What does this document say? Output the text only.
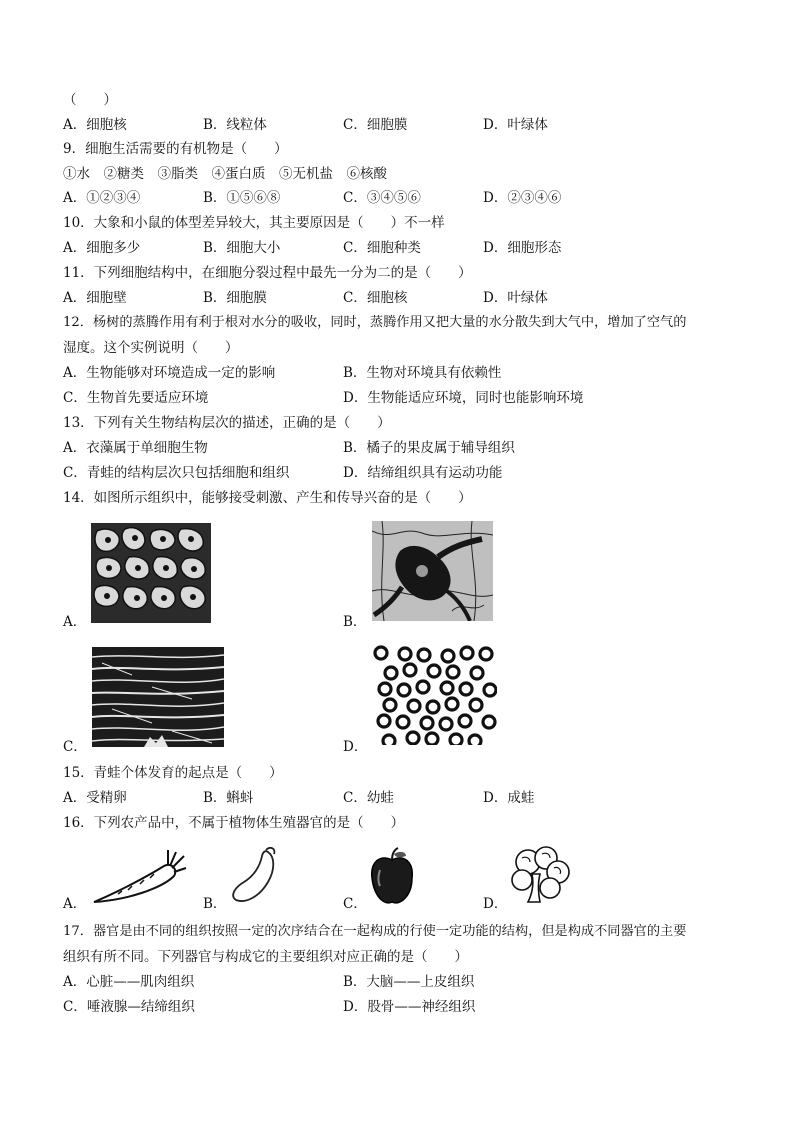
（　　）
A．细胞核	B．线粒体	C．细胞膜	D．叶绿体
9．细胞生活需要的有机物是（　　）
①水　②糖类　③脂类　④蛋白质　⑤无机盐　⑥核酸
A．①②③④	B．①⑤⑥⑧	C．③④⑤⑥	D．②③④⑥
10．大象和小鼠的体型差异较大，其主要原因是（　　）不一样
A．细胞多少	B．细胞大小	C．细胞种类	D．细胞形态
11．下列细胞结构中，在细胞分裂过程中最先一分为二的是（　　）
A．细胞壁	B．细胞膜	C．细胞核	D．叶绿体
12．杨树的蒸腾作用有利于根对水分的吸收，同时，蒸腾作用又把大量的水分散失到大气中，增加了空气的
湿度。这个实例说明（　　）
A．生物能够对环境造成一定的影响	B．生物对环境具有依赖性
C．生物首先要适应环境	D．生物能适应环境，同时也能影响环境
13．下列有关生物结构层次的描述，正确的是（　　）
A．衣藻属于单细胞生物	B．橘子的果皮属于辅导组织
C．青蛙的结构层次只包括细胞和组织	D．结缔组织具有运动功能
14．如图所示组织中，能够接受刺激、产生和传导兴奋的是（　　）
A．	B．
C．	D．
15．青蛙个体发育的起点是（　　）
A．受精卵	B．蝌蚪	C．幼蛙	D．成蛙
16．下列农产品中，不属于植物体生殖器官的是（　　）
A．	B．	C．	D．
17．器官是由不同的组织按照一定的次序结合在一起构成的行使一定功能的结构，但是构成不同器官的主要
组织有所不同。下列器官与构成它的主要组织对应正确的是（　　）
A．心脏——肌肉组织	B．大脑——上皮组织
C．唾液腺—结缔组织	D．股骨——神经组织
